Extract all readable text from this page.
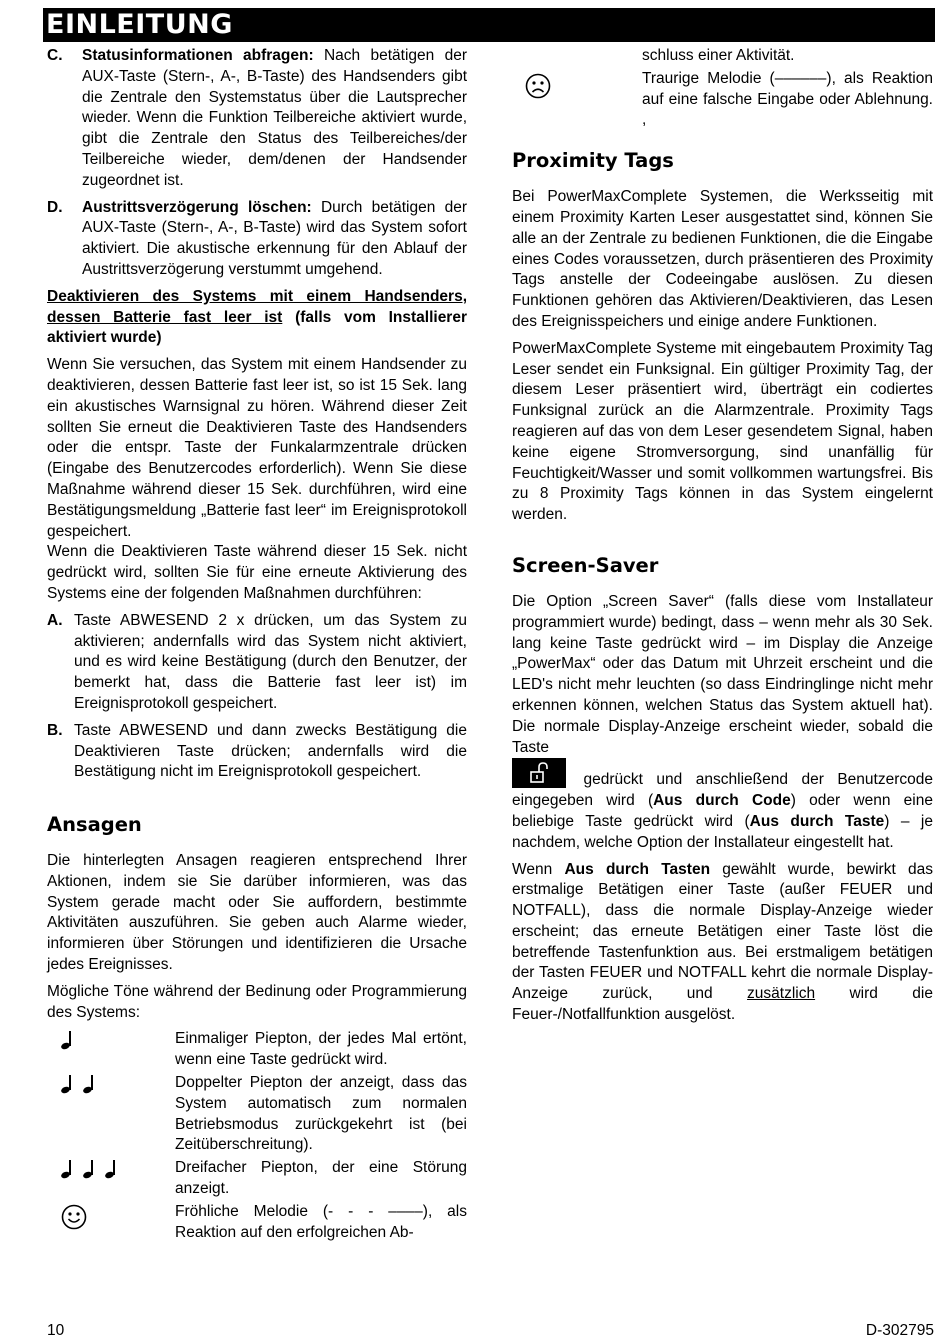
EINLEITUNG
C. Statusinformationen abfragen: Nach betätigen der AUX-Taste (Stern-, A-, B-Taste) des Handsenders gibt die Zentrale den Systemstatus über die Lautsprecher wieder. Wenn die Funktion Teilbereiche aktiviert wurde, gibt die Zentrale den Status des Teilbereiches/der Teilbereiche wieder, dem/denen der Handsender zugeordnet ist.
D. Austrittsverzögerung löschen: Durch betätigen der AUX-Taste (Stern-, A-, B-Taste) wird das System sofort aktiviert. Die akustische erkennung für den Ablauf der Austrittsverzögerung verstummt umgehend.

Deaktivieren des Systems mit einem Handsenders, dessen Batterie fast leer ist (falls vom Installierer aktiviert wurde)

Wenn Sie versuchen, das System mit einem Handsender zu deaktivieren, dessen Batterie fast leer ist, so ist 15 Sek. lang ein akustisches Warnsignal zu hören. Während dieser Zeit sollten Sie erneut die Deaktivieren Taste des Handsenders oder die entspr. Taste der Funkalarmzentrale drücken (Eingabe des Benutzercodes erforderlich). Wenn Sie diese Maßnahme während dieser 15 Sek. durchführen, wird eine Bestätigungsmeldung „Batterie fast leer“ im Ereignisprotokoll gespeichert.

Wenn die Deaktivieren Taste während dieser 15 Sek. nicht gedrückt wird, sollten Sie für eine erneute Aktivierung des Systems eine der folgenden Maßnahmen durchführen:

A. Taste ABWESEND 2 x drücken, um das System zu aktivieren; andernfalls wird das System nicht aktiviert, und es wird keine Bestätigung (durch den Benutzer, der bemerkt hat, dass die Batterie fast leer ist) im Ereignisprotokoll gespeichert.
B. Taste ABWESEND und dann zwecks Bestätigung die Deaktivieren Taste drücken; andernfalls wird die Bestätigung nicht im Ereignisprotokoll gespeichert.
Ansagen

Die hinterlegten Ansagen reagieren entsprechend Ihrer Aktionen, indem sie Sie darüber informieren, was das System gerade macht oder Sie auffordern, bestimmte Aktivitäten auszuführen. Sie geben auch Alarme wieder, informieren über Störungen und identifizieren die Ursache jedes Ereignisses.

Mögliche Töne während der Bedinung oder Programmierung des Systems:

Einmaliger Piepton, der jedes Mal ertönt, wenn eine Taste gedrückt wird.
Doppelter Piepton der anzeigt, dass das System automatisch zum normalen Betriebsmodus zurückgekehrt ist (bei Zeitüberschreitung).
Dreifacher Piepton, der eine Störung anzeigt.
Fröhliche Melodie (- - - ––––), als Reaktion auf den erfolgreichen Ab-
schluss einer Aktivität.
Traurige Melodie (––––––), als Reaktion auf eine falsche Eingabe oder Ablehnung. ,
Proximity Tags

Bei PowerMaxComplete Systemen, die Werksseitig mit einem Proximity Karten Leser ausgestattet sind, können Sie alle an der Zentrale zu bedienen Funktionen, die die Eingabe eines Codes voraussetzen, durch präsentieren des Proximity Tags anstelle der Codeeingabe auslösen. Zu diesen Funktionen gehören das Aktivieren/Deaktivieren, das Lesen des Ereignisspeichers und einige andere Funktionen.

PowerMaxComplete Systeme mit eingebautem Proximity Tag Leser sendet ein Funksignal. Ein gültiger Proximity Tag, der diesem Leser präsentiert wird, überträgt ein codiertes Funksignal zurück an die Alarmzentrale. Proximity Tags reagieren auf das von dem Leser gesendetem Signal, haben keine eigene Stromversorgung, sind unanfällig für Feuchtigkeit/Wasser und somit vollkommen wartungsfrei. Bis zu 8 Proximity Tags können in das System eingelernt werden.

Screen-Saver

Die Option „Screen Saver“ (falls diese vom Installateur programmiert wurde) bedingt, dass – wenn mehr als 30 Sek. lang keine Taste gedrückt wird – im Display die Anzeige „PowerMax“ oder das Datum mit Uhrzeit erscheint und die LED's nicht mehr leuchten (so dass Eindringlinge nicht mehr erkennen können, welchen Status das System aktuell hat). Die normale Display-Anzeige erscheint wieder, sobald die Taste
gedrückt und anschließend der Benutzercode eingegeben wird (Aus durch Code) oder wenn eine beliebige Taste gedrückt wird (Aus durch Taste) – je nachdem, welche Option der Installateur eingestellt hat.

Wenn Aus durch Tasten gewählt wurde, bewirkt das erstmalige Betätigen einer Taste (außer FEUER und NOTFALL), dass die normale Display-Anzeige wieder erscheint; das erneute Betätigen einer Taste löst die betreffende Tastenfunktion aus. Bei erstmaligem betätigen der Tasten FEUER und NOTFALL kehrt die normale Display-Anzeige zurück, und zusätzlich wird die Feuer-/Notfallfunktion ausgelöst.

10	D-302795
